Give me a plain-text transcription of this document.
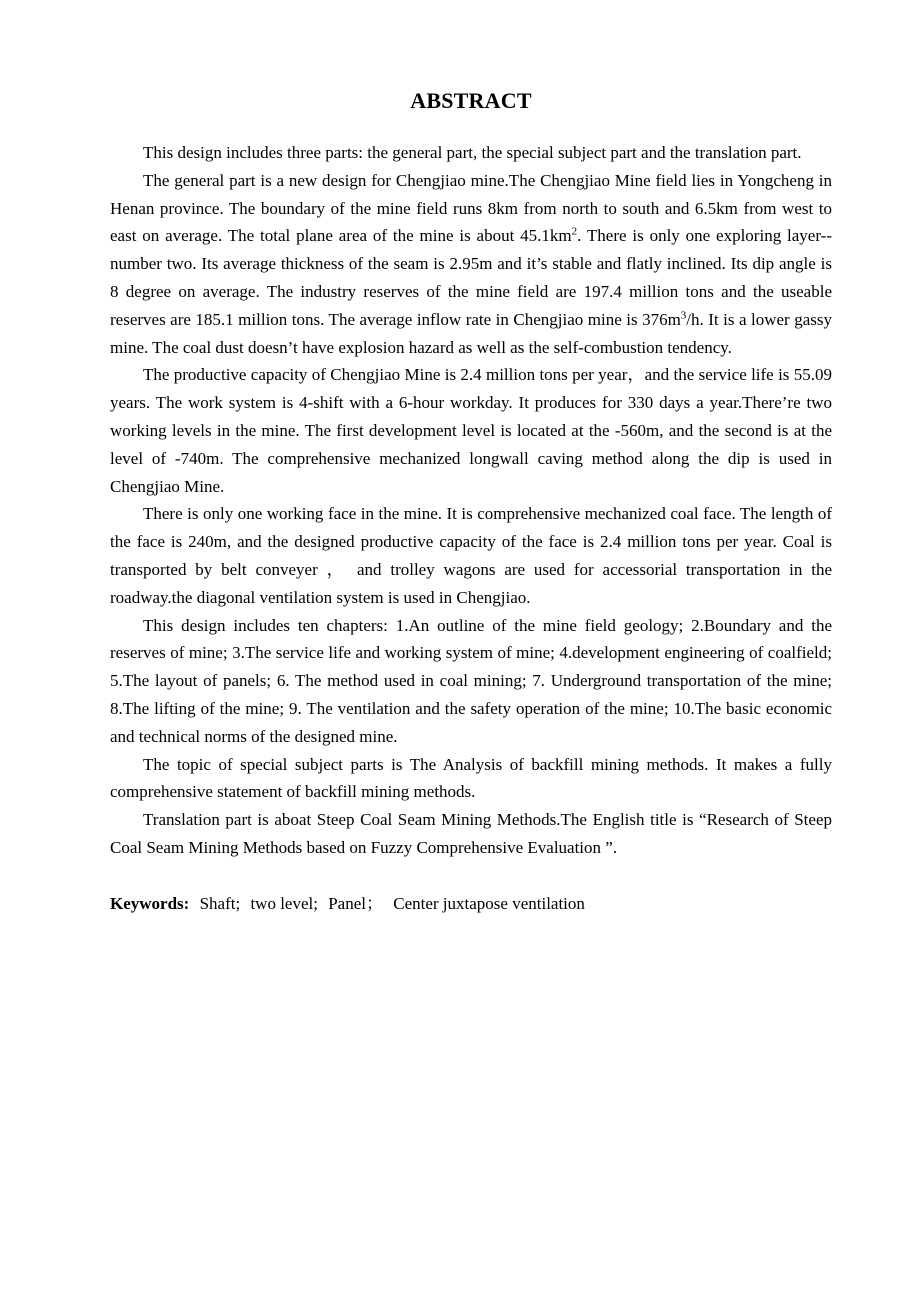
ABSTRACT

This design includes three parts: the general part, the special subject part and the translation part.

The general part is a new design for Chengjiao mine.The Chengjiao Mine field lies in Yongcheng in Henan province. The boundary of the mine field runs 8km from north to south and 6.5km from west to east on average. The total plane area of the mine is about $45.1km^2$. There is only one exploring layer--number two. Its average thickness of the seam is 2.95m and it’s stable and flatly inclined. Its dip angle is 8 degree on average. The industry reserves of the mine field are 197.4 million tons and the useable reserves are 185.1 million tons. The average inflow rate in Chengjiao mine is $376m^3/h$. It is a lower gassy mine. The coal dust doesn’t have explosion hazard as well as the self-combustion tendency.

The productive capacity of Chengjiao Mine is 2.4 million tons per year，and the service life is 55.09 years. The work system is 4-shift with a 6-hour workday. It produces for 330 days a year.There’re two working levels in the mine. The first development level is located at the -560m, and the second is at the level of -740m. The comprehensive mechanized longwall caving method along the dip is used in Chengjiao Mine.

There is only one working face in the mine. It is comprehensive mechanized coal face. The length of the face is 240m, and the designed productive capacity of the face is 2.4 million tons per year. Coal is transported by belt conveyer ， and trolley wagons are used for accessorial transportation in the roadway.the diagonal ventilation system is used in Chengjiao.

This design includes ten chapters: 1.An outline of the mine field geology; 2.Boundary and the reserves of mine; 3.The service life and working system of mine; 4.development engineering of coalfield; 5.The layout of panels; 6. The method used in coal mining; 7. Underground transportation of the mine; 8.The lifting of the mine; 9. The ventilation and the safety operation of the mine; 10.The basic economic and technical norms of the designed mine.

The topic of special subject parts is The Analysis of backfill mining methods. It makes a fully comprehensive statement of backfill mining methods.

Translation part is aboat Steep Coal Seam Mining Methods.The English title is “Research of Steep Coal Seam Mining Methods based on Fuzzy Comprehensive Evaluation ”.

Keywords: Shaft; two level; Panel； Center juxtapose ventilation
